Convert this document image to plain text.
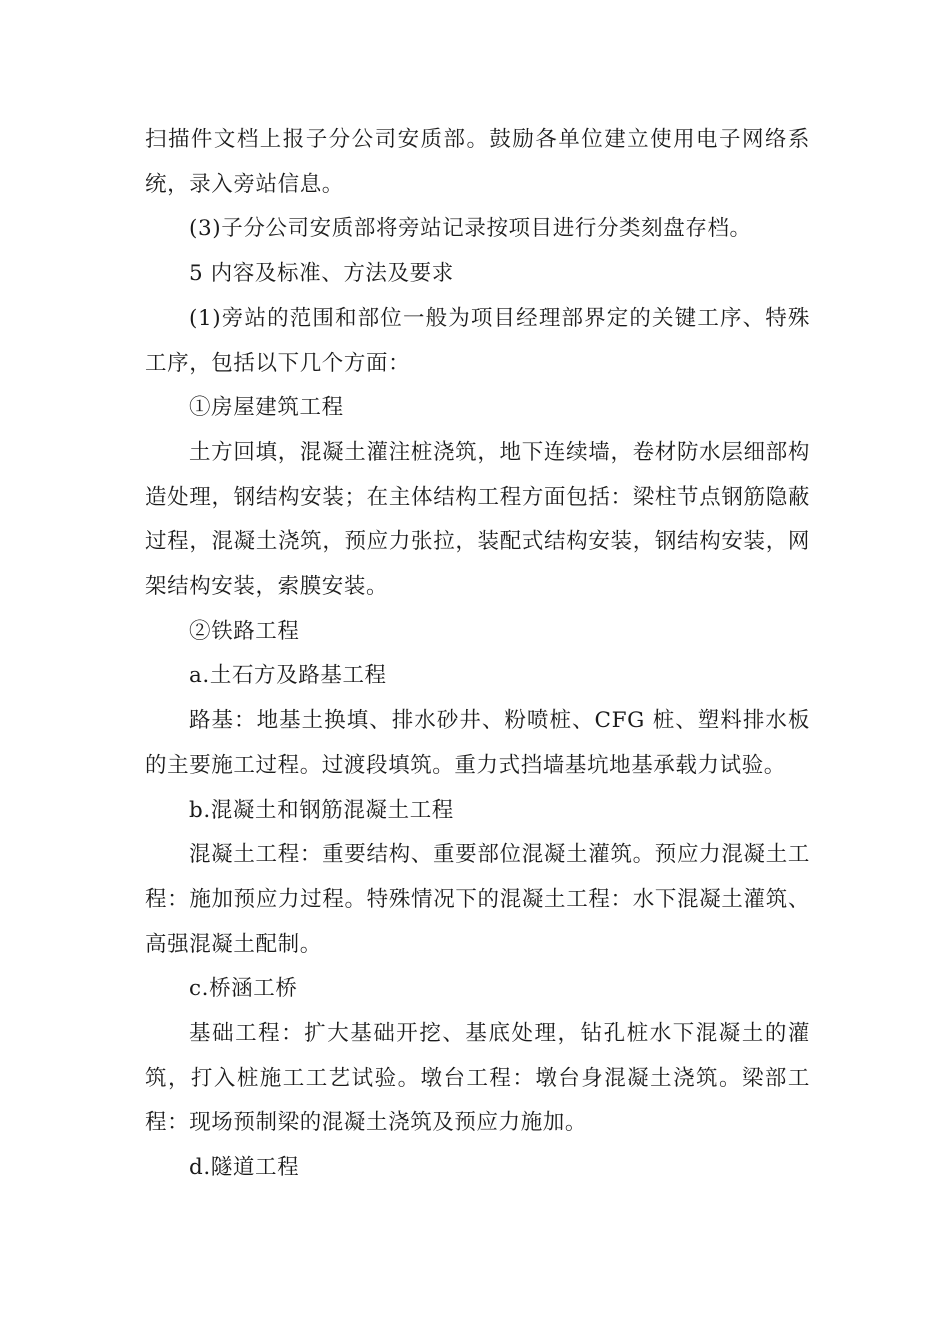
扫描件文档上报子分公司安质部。鼓励各单位建立使用电子网络系统，录入旁站信息。

(3)子分公司安质部将旁站记录按项目进行分类刻盘存档。

5 内容及标准、方法及要求

(1)旁站的范围和部位一般为项目经理部界定的关键工序、特殊工序，包括以下几个方面：

①房屋建筑工程

土方回填，混凝土灌注桩浇筑，地下连续墙，卷材防水层细部构造处理，钢结构安装；在主体结构工程方面包括：梁柱节点钢筋隐蔽过程，混凝土浇筑，预应力张拉，装配式结构安装，钢结构安装，网架结构安装，索膜安装。

②铁路工程

a.土石方及路基工程

路基：地基土换填、排水砂井、粉喷桩、CFG 桩、塑料排水板的主要施工过程。过渡段填筑。重力式挡墙基坑地基承载力试验。

b.混凝土和钢筋混凝土工程

混凝土工程：重要结构、重要部位混凝土灌筑。预应力混凝土工程：施加预应力过程。特殊情况下的混凝土工程：水下混凝土灌筑、高强混凝土配制。

c.桥涵工桥

基础工程：扩大基础开挖、基底处理，钻孔桩水下混凝土的灌筑，打入桩施工工艺试验。墩台工程：墩台身混凝土浇筑。梁部工程：现场预制梁的混凝土浇筑及预应力施加。

d.隧道工程
